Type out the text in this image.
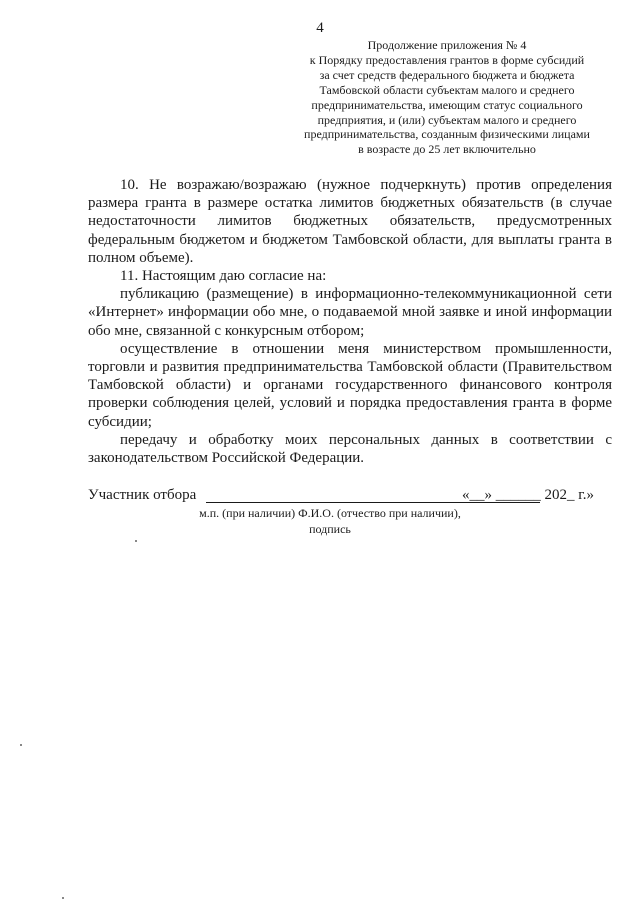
4
Продолжение приложения № 4
к Порядку предоставления грантов в форме субсидий
за счет средств федерального бюджета и бюджета
Тамбовской области субъектам малого и среднего
предпринимательства, имеющим статус социального
предприятия, и (или) субъектам малого и среднего
предпринимательства, созданным физическими лицами
в возрасте до 25 лет включительно

10. Не возражаю/возражаю (нужное подчеркнуть) против определения размера гранта в размере остатка лимитов бюджетных обязательств (в случае недостаточности лимитов бюджетных обязательств, предусмотренных федеральным бюджетом и бюджетом Тамбовской области, для выплаты гранта в полном объеме).

11. Настоящим даю согласие на:

публикацию (размещение) в информационно-телекоммуникационной сети «Интернет» информации обо мне, о подаваемой мной заявке и иной информации обо мне, связанной с конкурсным отбором;

осуществление в отношении меня министерством промышленности, торговли и развития предпринимательства Тамбовской области (Правительством Тамбовской области) и органами государственного финансового контроля проверки соблюдения целей, условий и порядка предоставления гранта в форме субсидии;

передачу и обработку моих персональных данных в соответствии с законодательством Российской Федерации.

Участник отбора	«__» ______ 202_ г.»
м.п. (при наличии) Ф.И.О. (отчество при наличии),
подпись
